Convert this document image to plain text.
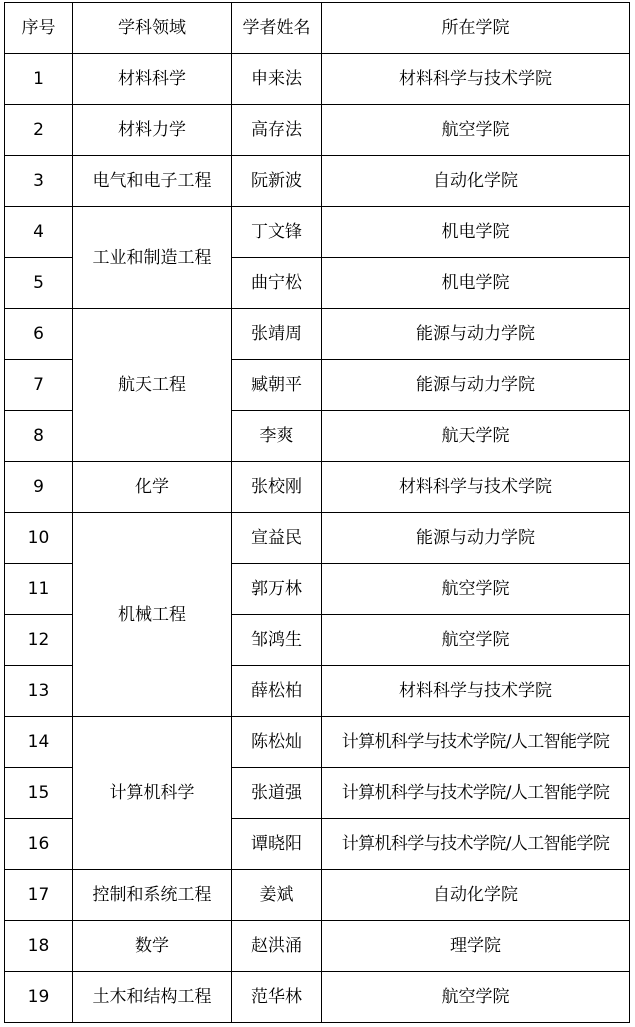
序号	学科领域	学者姓名	所在学院
1	材料科学	申来法	材料科学与技术学院
2	材料力学	高存法	航空学院
3	电气和电子工程	阮新波	自动化学院
4	工业和制造工程	丁文锋	机电学院
5		曲宁松	机电学院
6	航天工程	张靖周	能源与动力学院
7		臧朝平	能源与动力学院
8		李爽	航天学院
9	化学	张校刚	材料科学与技术学院
10	机械工程	宣益民	能源与动力学院
11		郭万林	航空学院
12		邹鸿生	航空学院
13		薛松柏	材料科学与技术学院
14	计算机科学	陈松灿	计算机科学与技术学院/人工智能学院
15		张道强	计算机科学与技术学院/人工智能学院
16		谭晓阳	计算机科学与技术学院/人工智能学院
17	控制和系统工程	姜斌	自动化学院
18	数学	赵洪涌	理学院
19	土木和结构工程	范华林	航空学院
